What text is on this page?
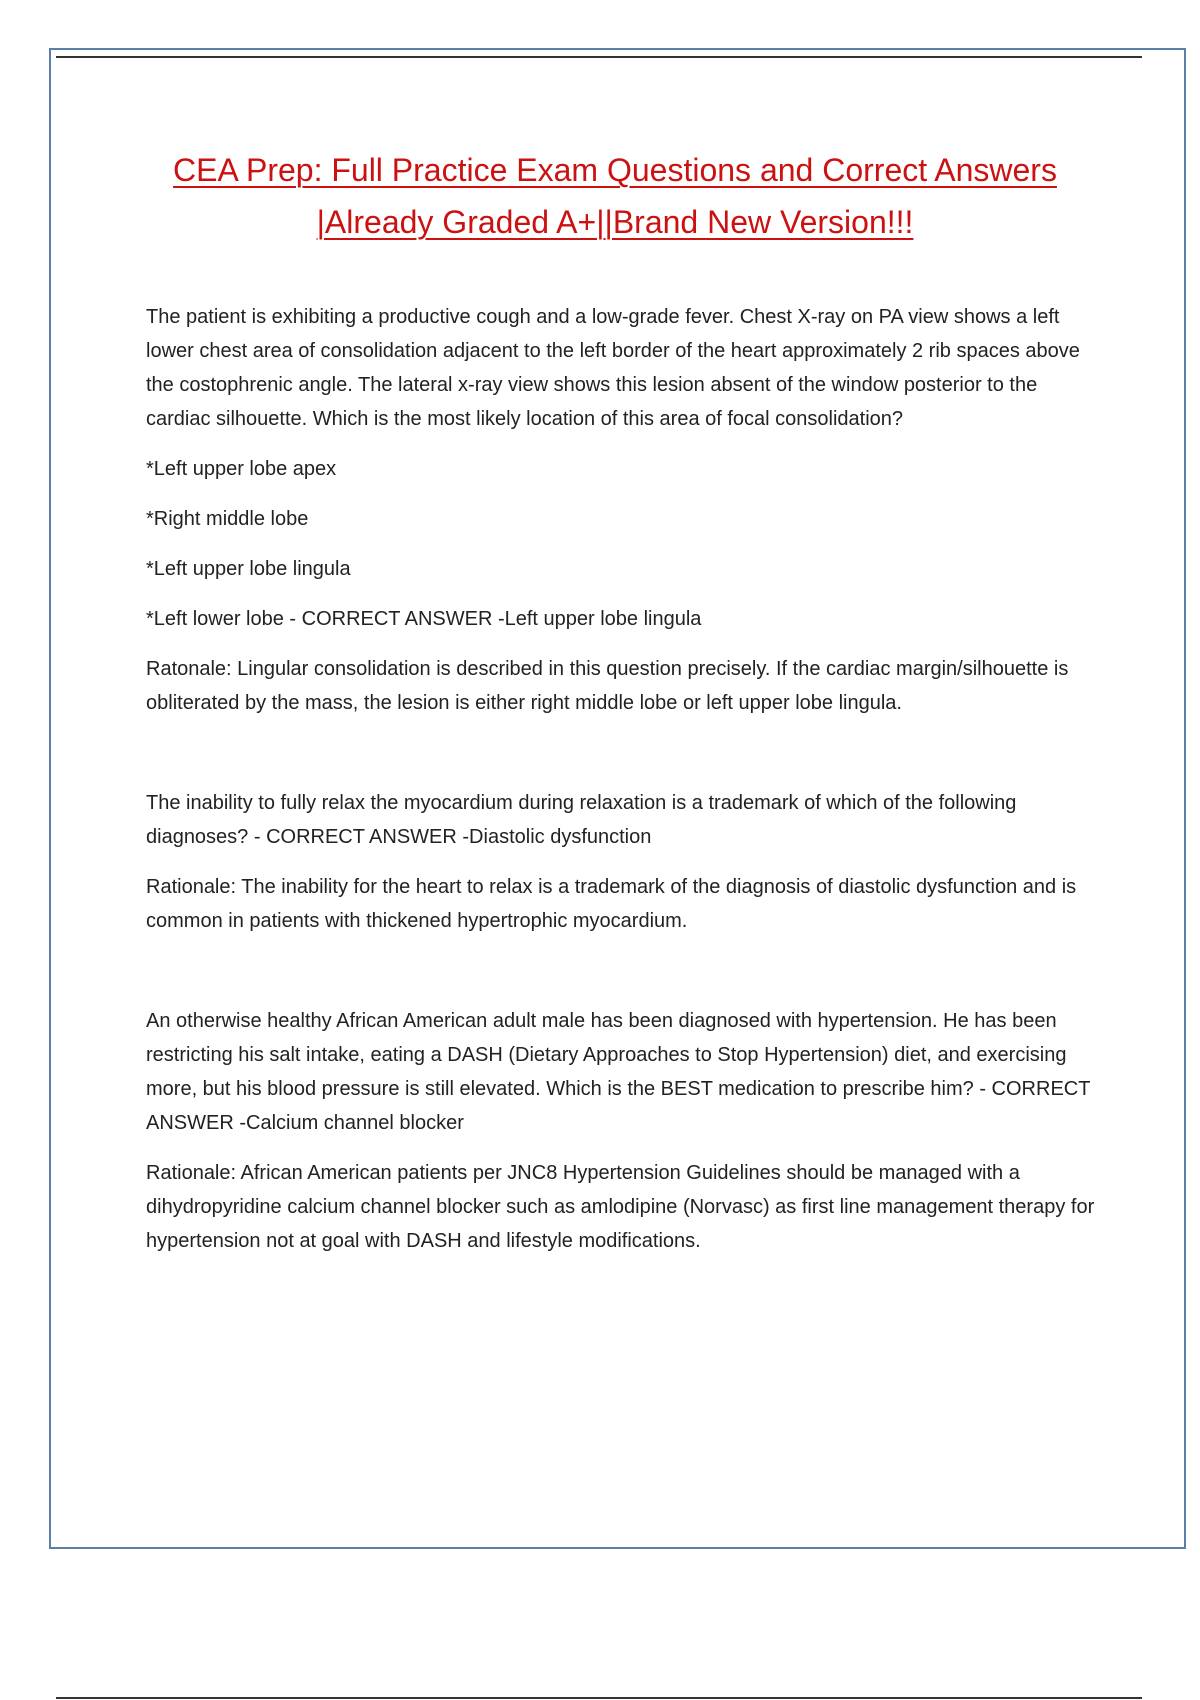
CEA Prep: Full Practice Exam Questions and Correct Answers
|Already Graded A+||Brand New Version!!!

The patient is exhibiting a productive cough and a low-grade fever. Chest X-ray on PA view shows a left lower chest area of consolidation adjacent to the left border of the heart approximately 2 rib spaces above the costophrenic angle. The lateral x-ray view shows this lesion absent of the window posterior to the cardiac silhouette. Which is the most likely location of this area of focal consolidation?

*Left upper lobe apex

*Right middle lobe

*Left upper lobe lingula

*Left lower lobe - CORRECT ANSWER -Left upper lobe lingula

Ratonale: Lingular consolidation is described in this question precisely. If the cardiac margin/silhouette is obliterated by the mass, the lesion is either right middle lobe or left upper lobe lingula.

The inability to fully relax the myocardium during relaxation is a trademark of which of the following diagnoses? - CORRECT ANSWER -Diastolic dysfunction

Rationale: The inability for the heart to relax is a trademark of the diagnosis of diastolic dysfunction and is common in patients with thickened hypertrophic myocardium.

An otherwise healthy African American adult male has been diagnosed with hypertension. He has been restricting his salt intake, eating a DASH (Dietary Approaches to Stop Hypertension) diet, and exercising more, but his blood pressure is still elevated. Which is the BEST medication to prescribe him? - CORRECT ANSWER -Calcium channel blocker

Rationale: African American patients per JNC8 Hypertension Guidelines should be managed with a dihydropyridine calcium channel blocker such as amlodipine (Norvasc) as first line management therapy for hypertension not at goal with DASH and lifestyle modifications.
